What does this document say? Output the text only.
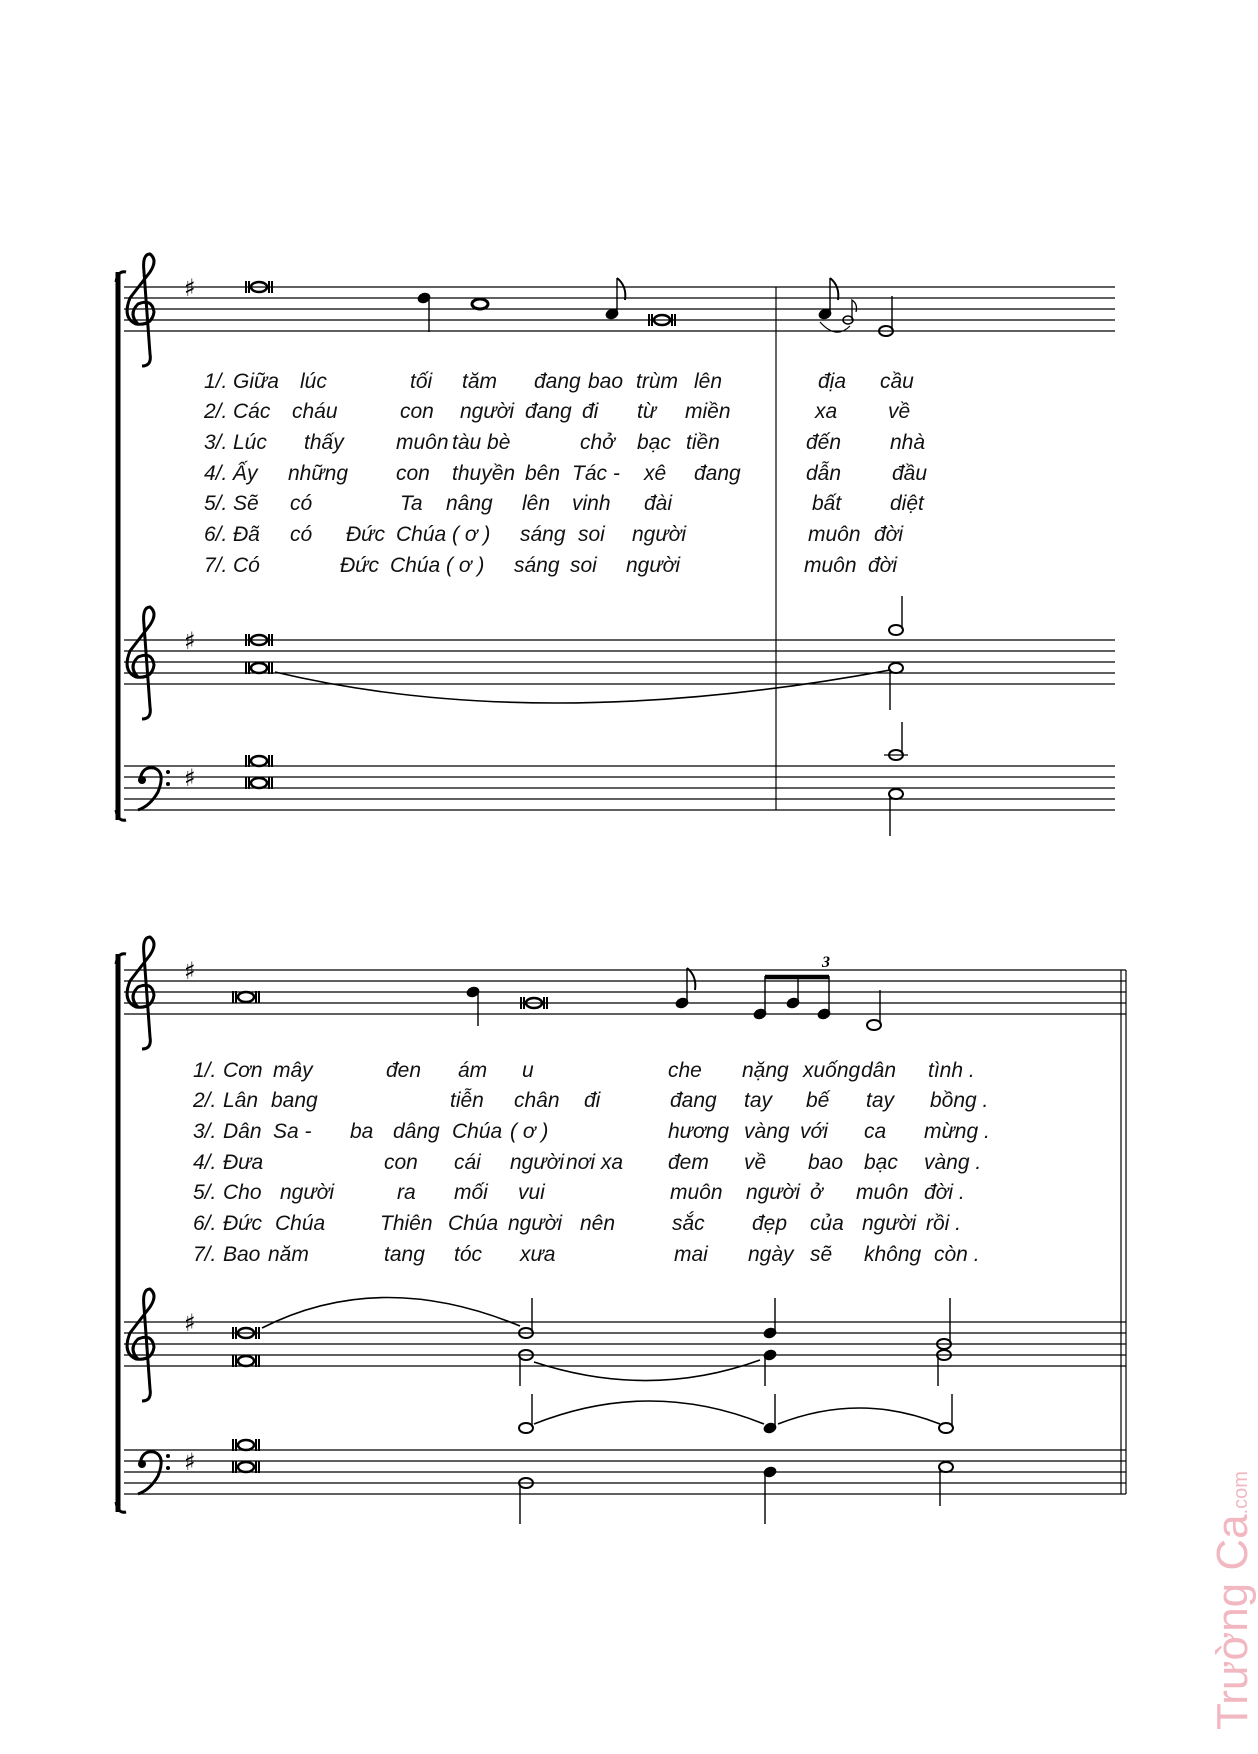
♯
1/. Giữa lúc	tối tăm đang bao trùm lên	địa cầu
2/. Các cháu	con người đang đi từ miền	xa về
3/. Lúc thấy muôn tàu bè	chở bạc tiền	đến nhà
4/. Ấy những con thuyền bên Tác - xê đang	dẫn đầu
5/. Sẽ có	Ta nâng lên vinh đài	bất diệt
6/. Đã có Đức Chúa ( ơ ) sáng soi người	muôn đời
7/. Có	Đức Chúa ( ơ ) sáng soi người	muôn đời
♯
♯
♯	3
1/. Cơn mây	đen ám u	che nặng xuốngdân tình .
2/. Lân bang	tiễn chân đi	đang tay bế tay bồng .
3/. Dân Sa - ba dâng Chúa ( ơ )	hương vàng với ca mừng .
4/. Đưa	con cái ngườinơi xa đem về bao bạc vàng .
5/. Cho người	ra mối vui	muôn người ở muôn đời .
6/. Đức Chúa	Thiên Chúa người nên	sắc đẹp của người rồi .
7/. Bao năm	tang tóc xưa	mai ngày sẽ không còn .
♯
♯
Trường Ca.com
